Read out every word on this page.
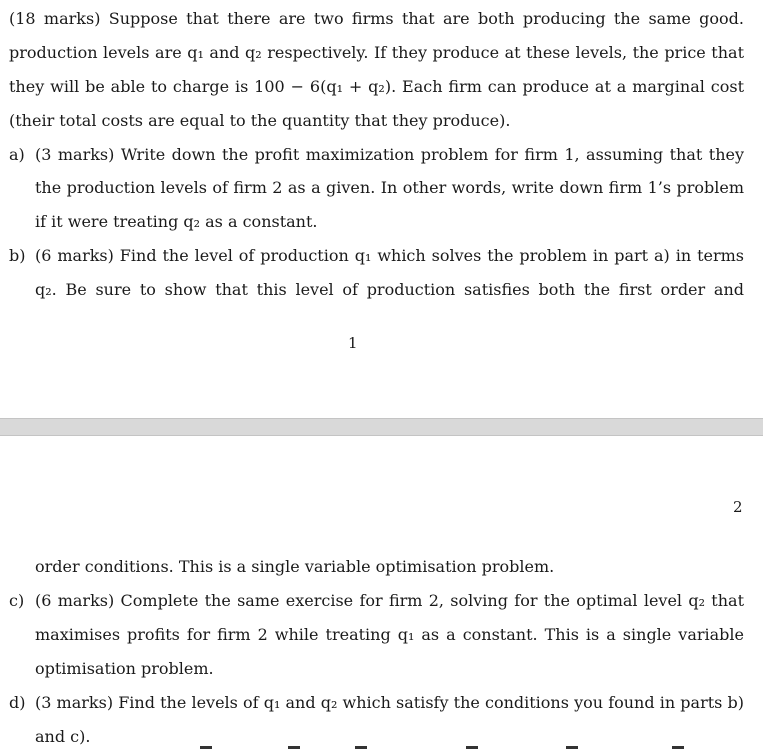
(18 marks) Suppose that there are two firms that are both producing the same good.
production levels are q₁ and q₂ respectively. If they produce at these levels, the price that
they will be able to charge is 100 − 6(q₁ + q₂). Each firm can produce at a marginal cost
(their total costs are equal to the quantity that they produce).
a) (3 marks) Write down the profit maximization problem for firm 1, assuming that they
the production levels of firm 2 as a given. In other words, write down firm 1’s problem
if it were treating q₂ as a constant.
b) (6 marks) Find the level of production q₁ which solves the problem in part a) in terms
q₂. Be sure to show that this level of production satisfies both the first order and
1
2
order conditions. This is a single variable optimisation problem.
c) (6 marks) Complete the same exercise for firm 2, solving for the optimal level q₂ that
maximises profits for firm 2 while treating q₁ as a constant. This is a single variable
optimisation problem.
d) (3 marks) Find the levels of q₁ and q₂ which satisfy the conditions you found in parts b)
and c).
